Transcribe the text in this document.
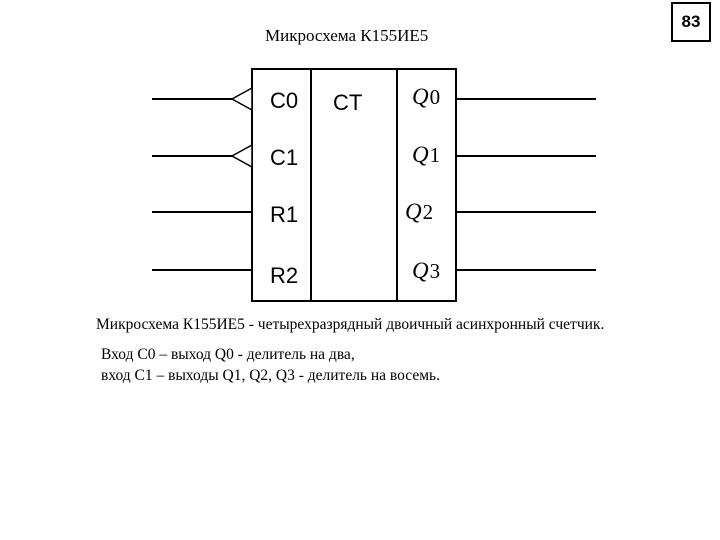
Микросхема К155ИЕ5
83
CT
C0
C1
R1
R2
Q0
Q1
Q2
Q3
Микросхема К155ИЕ5 - четырехразрядный двоичный асинхронный счетчик.
Вход С0 – выход Q0 - делитель на два,
вход С1 – выходы Q1, Q2, Q3 - делитель на восемь.
